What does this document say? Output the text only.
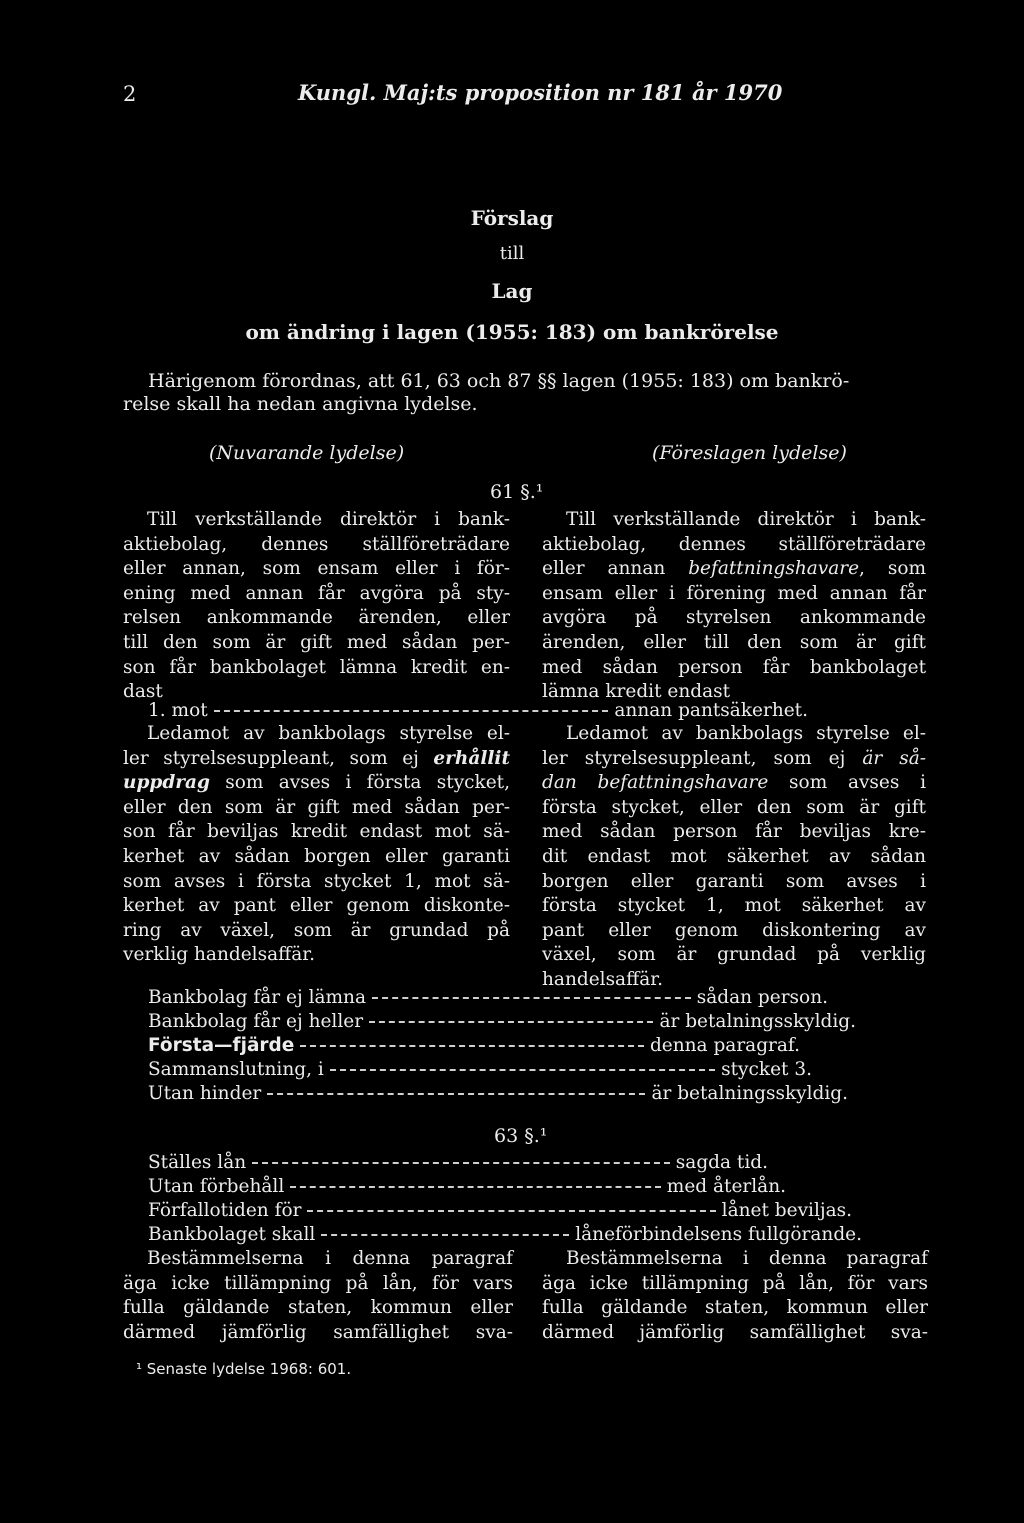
2	Kungl. Maj:ts proposition nr 181 år 1970
Förslag
till
Lag
om ändring i lagen (1955: 183) om bankrörelse
Härigenom förordnas, att 61, 63 och 87 §§ lagen (1955: 183) om bankrö-
relse skall ha nedan angivna lydelse.
(Nuvarande lydelse)	(Föreslagen lydelse)
61 §.¹
Till verkställande direktör i bank-
aktiebolag, dennes ställföreträdare
eller annan, som ensam eller i för-
ening med annan får avgöra på sty-
relsen ankommande ärenden, eller
till den som är gift med sådan per-
son får bankbolaget lämna kredit en-
dast
Till verkställande direktör i bank-
aktiebolag, dennes ställföreträdare
eller annan befattningshavare, som
ensam eller i förening med annan får
avgöra på styrelsen ankommande
ärenden, eller till den som är gift
med sådan person får bankbolaget
lämna kredit endast
1. mot	annan pantsäkerhet.
Ledamot av bankbolags styrelse el-
ler styrelsesuppleant, som ej erhållit
uppdrag som avses i första stycket,
eller den som är gift med sådan per-
son får beviljas kredit endast mot sä-
kerhet av sådan borgen eller garanti
som avses i första stycket 1, mot sä-
kerhet av pant eller genom diskonte-
ring av växel, som är grundad på
verklig handelsaffär.
Ledamot av bankbolags styrelse el-
ler styrelsesuppleant, som ej är så-
dan befattningshavare som avses i
första stycket, eller den som är gift
med sådan person får beviljas kre-
dit endast mot säkerhet av sådan
borgen eller garanti som avses i
första stycket 1, mot säkerhet av
pant eller genom diskontering av
växel, som är grundad på verklig
handelsaffär.
Bankbolag får ej lämna	sådan person.
Bankbolag får ej heller	är betalningsskyldig.
Första—fjärde	denna paragraf.
Sammanslutning, i	stycket 3.
Utan hinder	är betalningsskyldig.
63 §.¹
Ställes lån	sagda tid.
Utan förbehåll	med återlån.
Förfallotiden för	lånet beviljas.
Bankbolaget skall	låneförbindelsens fullgörande.
Bestämmelserna i denna paragraf
äga icke tillämpning på lån, för vars
fulla gäldande staten, kommun eller
därmed jämförlig samfällighet sva-
Bestämmelserna i denna paragraf
äga icke tillämpning på lån, för vars
fulla gäldande staten, kommun eller
därmed jämförlig samfällighet sva-
¹ Senaste lydelse 1968: 601.
